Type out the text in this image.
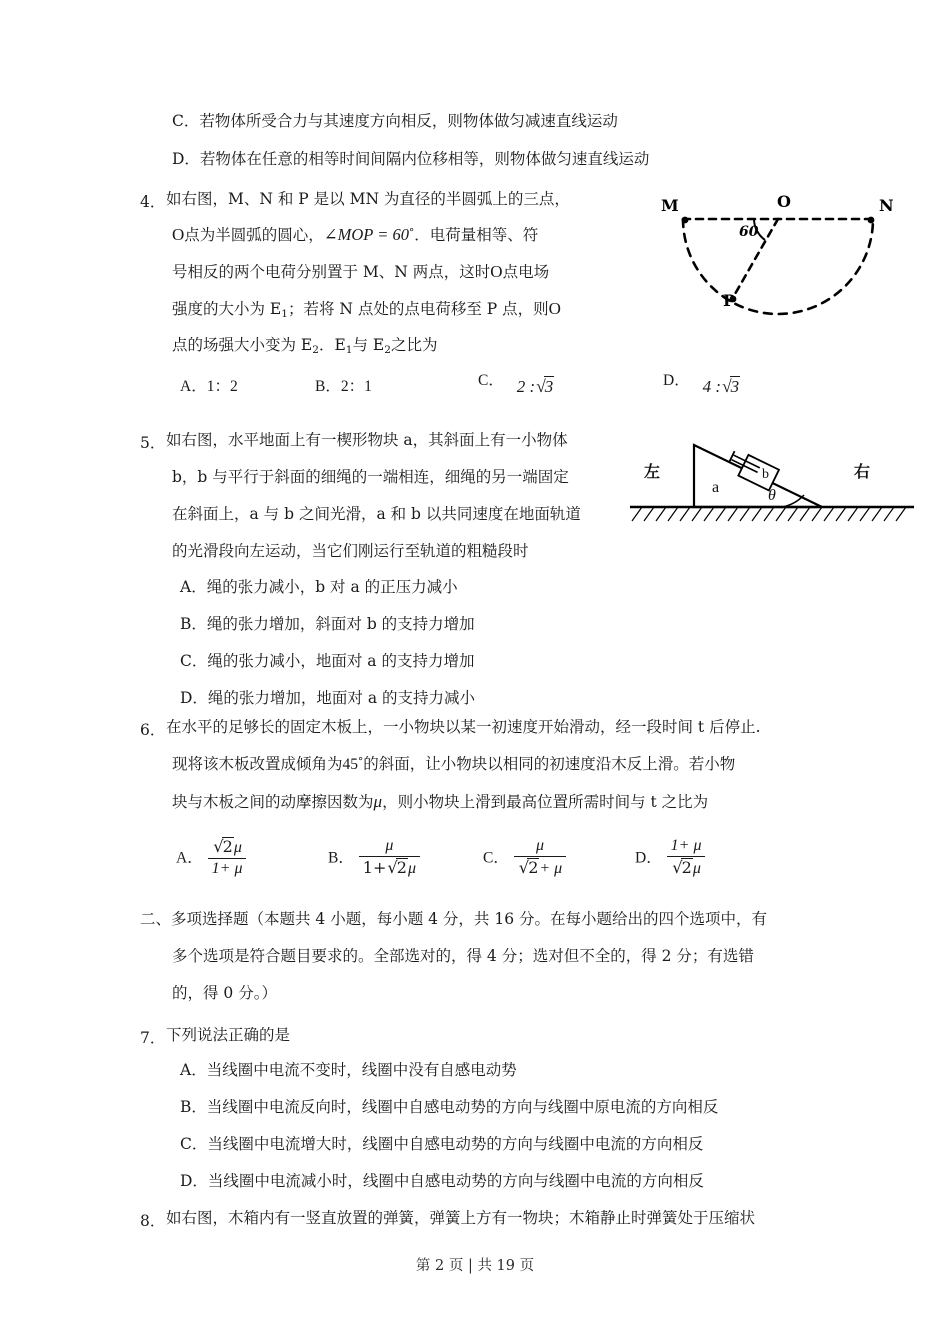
C．若物体所受合力与其速度方向相反，则物体做匀减速直线运动
D．若物体在任意的相等时间间隔内位移相等，则物体做匀速直线运动
4． 如右图，M、N 和 P 是以 MN 为直径的半圆弧上的三点，
O点为半圆弧的圆心，∠MOP = 60°．电荷量相等、符
号相反的两个电荷分别置于 M、N 两点，这时O点电场
强度的大小为 $E_1$；若将 N 点处的点电荷移至 P 点，则O
点的场强大小变为 $E_2$．$E_1$与 $E_2$之比为
A．1：2	B．2：1	C． 2 :√3	D． 4 :√3
M	O	N
P
60
5． 如右图，水平地面上有一楔形物块 a，其斜面上有一小物体
b，b 与平行于斜面的细绳的一端相连，细绳的另一端固定
在斜面上，a 与 b 之间光滑，a 和 b 以共同速度在地面轨道
的光滑段向左运动，当它们刚运行至轨道的粗糙段时
A．绳的张力减小，b 对 a 的正压力减小
B．绳的张力增加，斜面对 b 的支持力增加
C．绳的张力减小，地面对 a 的支持力增加
D．绳的张力增加，地面对 a 的支持力减小
左	右
a
b
θ
6． 在水平的足够长的固定木板上，一小物块以某一初速度开始滑动，经一段时间 t 后停止.
现将该木板改置成倾角为45°的斜面，让小物块以相同的初速度沿木反上滑。若小物
块与木板之间的动摩擦因数为μ，则小物块上滑到最高位置所需时间与 t 之比为
A． $\frac{√2\mu}{1+ \mu}$	B． $\frac{\mu}{1+√2\mu}$	C． $\frac{\mu}{√2+ \mu}$	D． $\frac{1+ \mu}{√2\mu}$
二、多项选择题（本题共 4 小题，每小题 4 分，共 16 分。在每小题给出的四个选项中，有
多个选项是符合题目要求的。全部选对的，得 4 分；选对但不全的，得 2 分；有选错
的，得 0 分。）
7． 下列说法正确的是
A．当线圈中电流不变时，线圈中没有自感电动势
B．当线圈中电流反向时，线圈中自感电动势的方向与线圈中原电流的方向相反
C．当线圈中电流增大时，线圈中自感电动势的方向与线圈中电流的方向相反
D．当线圈中电流减小时，线圈中自感电动势的方向与线圈中电流的方向相反
8． 如右图，木箱内有一竖直放置的弹簧，弹簧上方有一物块；木箱静止时弹簧处于压缩状
第 2 页 | 共 19 页
